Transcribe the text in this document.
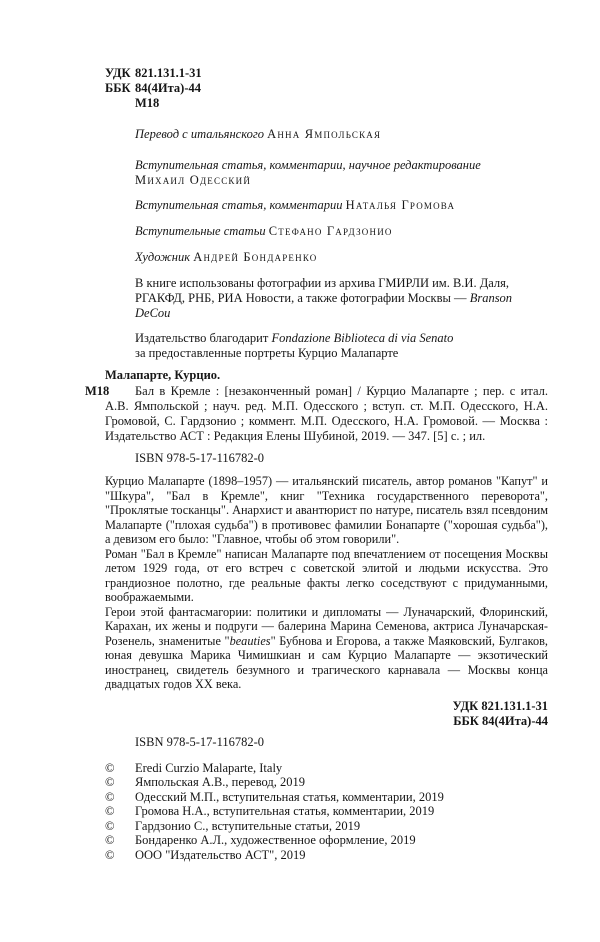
УДК 821.131.1-31
ББК 84(4Ита)-44
М18
Перевод с итальянского Анна Ямпольская
Вступительная статья, комментарии, научное редактирование
Михаил Одесский
Вступительная статья, комментарии Наталья Громова
Вступительные статьи Стефано Гардзонио
Художник Андрей Бондаренко
В книге использованы фотографии из архива ГМИРЛИ им. В.И. Даля,
РГАКФД, РНБ, РИА Новости, а также фотографии Москвы — Branson DeCou
Издательство благодарит Fondazione Biblioteca di via Senato
за предоставленные портреты Курцио Малапарте
Малапарте, Курцио.

М18 Бал в Кремле : [незаконченный роман] / Курцио Малапарте ; пер. с итал. А.В. Ямпольской ; науч. ред. М.П. Одесского ; вступ. ст. М.П. Одесского, Н.А. Громовой, С. Гардзонио ; коммент. М.П. Одесского, Н.А. Громовой. — Москва : Издательство АСТ : Редакция Елены Шубиной, 2019. — 347. [5] с. ; ил.

ISBN 978-5-17-116782-0

Курцио Малапарте (1898–1957) — итальянский писатель, автор романов "Капут" и "Шкура", "Бал в Кремле", книг "Техника государственного переворота", "Проклятые тосканцы". Анархист и авантюрист по натуре, писатель взял псевдоним Малапарте ("плохая судьба") в противовес фамилии Бонапарте ("хорошая судьба"), а девизом его было: "Главное, чтобы об этом говорили".

Роман "Бал в Кремле" написан Малапарте под впечатлением от посещения Москвы летом 1929 года, от его встреч с советской элитой и людьми искусства. Это грандиозное полотно, где реальные факты легко соседствуют с придуманными, воображаемыми.

Герои этой фантасмагории: политики и дипломаты — Луначарский, Флоринский, Карахан, их жены и подруги — балерина Марина Семенова, актриса Луначарская-Розенель, знаменитые "beauties" Бубнова и Егорова, а также Маяковский, Булгаков, юная девушка Марика Чимишкиан и сам Курцио Малапарте — экзотический иностранец, свидетель безумного и трагического карнавала — Москвы конца двадцатых годов XX века.

УДК 821.131.1-31
ББК 84(4Ита)-44
ISBN 978-5-17-116782-0
©	Eredi Curzio Malaparte, Italy
©	Ямпольская А.В., перевод, 2019
©	Одесский М.П., вступительная статья, комментарии, 2019
©	Громова Н.А., вступительная статья, комментарии, 2019
©	Гардзонио С., вступительные статьи, 2019
©	Бондаренко А.Л., художественное оформление, 2019
©	ООО "Издательство АСТ", 2019
